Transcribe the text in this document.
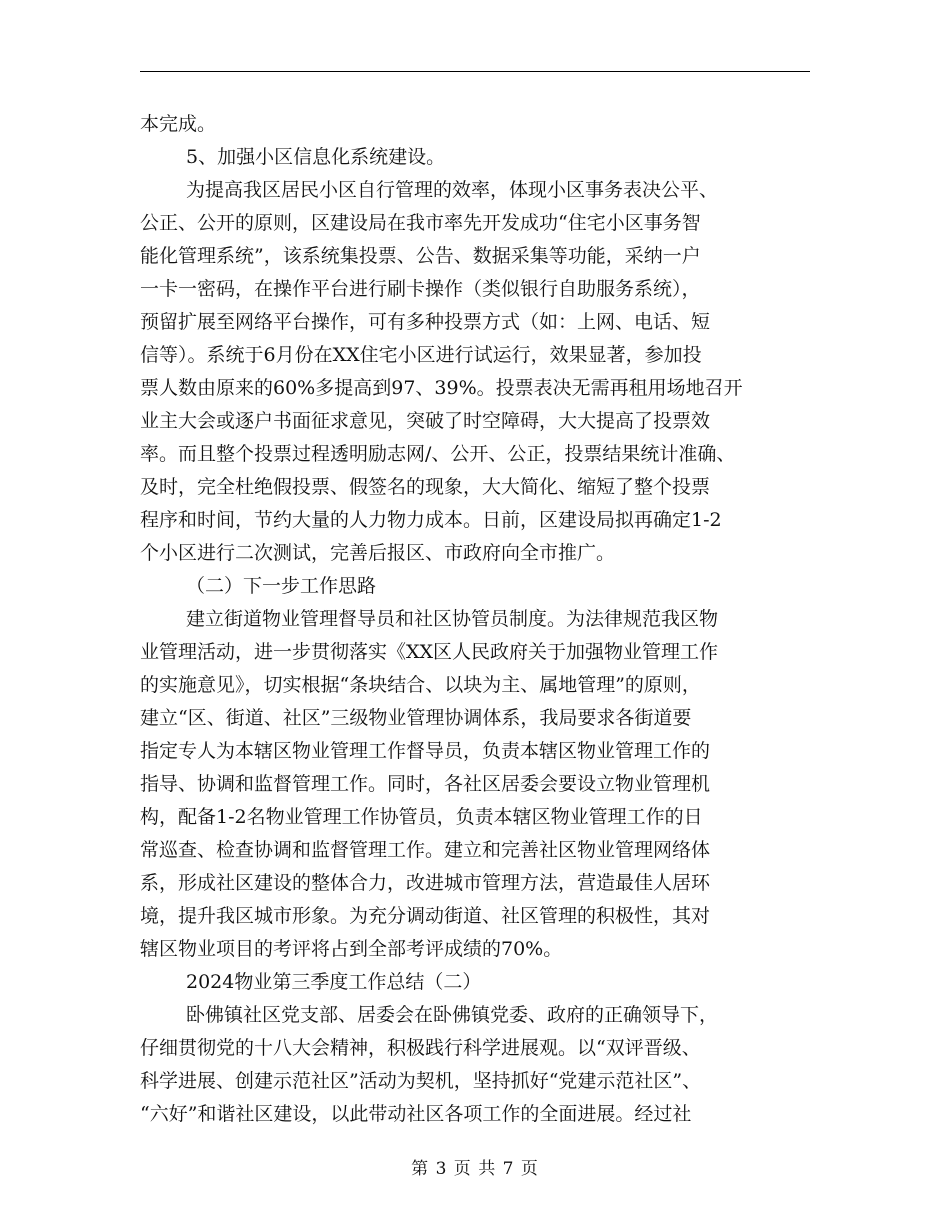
本完成。
5、加强小区信息化系统建设。
为提高我区居民小区自行管理的效率，体现小区事务表决公平、
公正、公开的原则，区建设局在我市率先开发成功“住宅小区事务智
能化管理系统”，该系统集投票、公告、数据采集等功能，采纳一户
一卡一密码，在操作平台进行刷卡操作（类似银行自助服务系统），
预留扩展至网络平台操作，可有多种投票方式（如：上网、电话、短
信等）。系统于6月份在XX住宅小区进行试运行，效果显著，参加投
票人数由原来的60%多提高到97、39%。投票表决无需再租用场地召开
业主大会或逐户书面征求意见，突破了时空障碍，大大提高了投票效
率。而且整个投票过程透明励志网/、公开、公正，投票结果统计准确、
及时，完全杜绝假投票、假签名的现象，大大简化、缩短了整个投票
程序和时间，节约大量的人力物力成本。日前，区建设局拟再确定1-2
个小区进行二次测试，完善后报区、市政府向全市推广。
（二）下一步工作思路
建立街道物业管理督导员和社区协管员制度。为法律规范我区物
业管理活动，进一步贯彻落实《XX区人民政府关于加强物业管理工作
的实施意见》，切实根据“条块结合、以块为主、属地管理”的原则，
建立“区、街道、社区”三级物业管理协调体系，我局要求各街道要
指定专人为本辖区物业管理工作督导员，负责本辖区物业管理工作的
指导、协调和监督管理工作。同时，各社区居委会要设立物业管理机
构，配备1-2名物业管理工作协管员，负责本辖区物业管理工作的日
常巡查、检查协调和监督管理工作。建立和完善社区物业管理网络体
系，形成社区建设的整体合力，改进城市管理方法，营造最佳人居环
境，提升我区城市形象。为充分调动街道、社区管理的积极性，其对
辖区物业项目的考评将占到全部考评成绩的70%。
2024物业第三季度工作总结（二）
卧佛镇社区党支部、居委会在卧佛镇党委、政府的正确领导下，
仔细贯彻党的十八大会精神，积极践行科学进展观。以“双评晋级、
科学进展、创建示范社区”活动为契机，坚持抓好“党建示范社区”、
“六好”和谐社区建设，以此带动社区各项工作的全面进展。经过社
第 3 页 共 7 页
